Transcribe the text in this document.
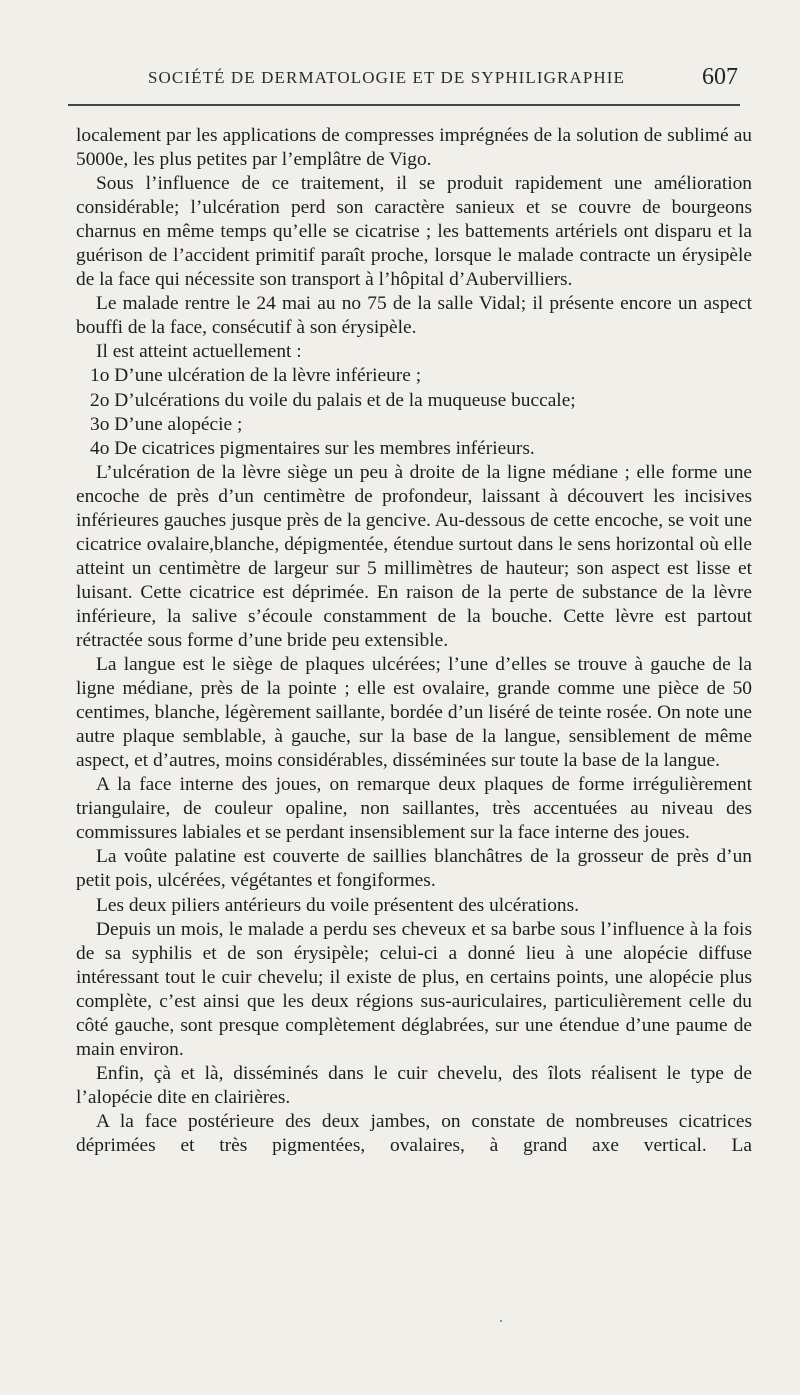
SOCIÉTÉ DE DERMATOLOGIE ET DE SYPHILIGRAPHIE	607

localement par les applications de compresses imprégnées de la solution de sublimé au 5000e, les plus petites par l’emplâtre de Vigo.

Sous l’influence de ce traitement, il se produit rapidement une amélioration considérable; l’ulcération perd son caractère sanieux et se couvre de bourgeons charnus en même temps qu’elle se cicatrise ; les battements artériels ont disparu et la guérison de l’accident primitif paraît proche, lorsque le malade contracte un érysipèle de la face qui nécessite son transport à l’hôpital d’Aubervilliers.

Le malade rentre le 24 mai au no 75 de la salle Vidal; il présente encore un aspect bouffi de la face, consécutif à son érysipèle.

Il est atteint actuellement :

1o D’une ulcération de la lèvre inférieure ;

2o D’ulcérations du voile du palais et de la muqueuse buccale;

3o D’une alopécie ;

4o De cicatrices pigmentaires sur les membres inférieurs.

L’ulcération de la lèvre siège un peu à droite de la ligne médiane ; elle forme une encoche de près d’un centimètre de profondeur, laissant à découvert les incisives inférieures gauches jusque près de la gencive. Au-dessous de cette encoche, se voit une cicatrice ovalaire,blanche, dépigmentée, étendue surtout dans le sens horizontal où elle atteint un centimètre de largeur sur 5 millimètres de hauteur; son aspect est lisse et luisant. Cette cicatrice est déprimée. En raison de la perte de substance de la lèvre inférieure, la salive s’écoule constamment de la bouche. Cette lèvre est partout rétractée sous forme d’une bride peu extensible.

La langue est le siège de plaques ulcérées; l’une d’elles se trouve à gauche de la ligne médiane, près de la pointe ; elle est ovalaire, grande comme une pièce de 50 centimes, blanche, légèrement saillante, bordée d’un liséré de teinte rosée. On note une autre plaque semblable, à gauche, sur la base de la langue, sensiblement de même aspect, et d’autres, moins considérables, disséminées sur toute la base de la langue.

A la face interne des joues, on remarque deux plaques de forme irrégulièrement triangulaire, de couleur opaline, non saillantes, très accentuées au niveau des commissures labiales et se perdant insensiblement sur la face interne des joues.

La voûte palatine est couverte de saillies blanchâtres de la grosseur de près d’un petit pois, ulcérées, végétantes et fongiformes.

Les deux piliers antérieurs du voile présentent des ulcérations.

Depuis un mois, le malade a perdu ses cheveux et sa barbe sous l’influence à la fois de sa syphilis et de son érysipèle; celui-ci a donné lieu à une alopécie diffuse intéressant tout le cuir chevelu; il existe de plus, en certains points, une alopécie plus complète, c’est ainsi que les deux régions sus-auriculaires, particulièrement celle du côté gauche, sont presque complètement déglabrées, sur une étendue d’une paume de main environ.

Enfin, çà et là, disséminés dans le cuir chevelu, des îlots réalisent le type de l’alopécie dite en clairières.

A la face postérieure des deux jambes, on constate de nombreuses cicatrices déprimées et très pigmentées, ovalaires, à grand axe vertical. La
